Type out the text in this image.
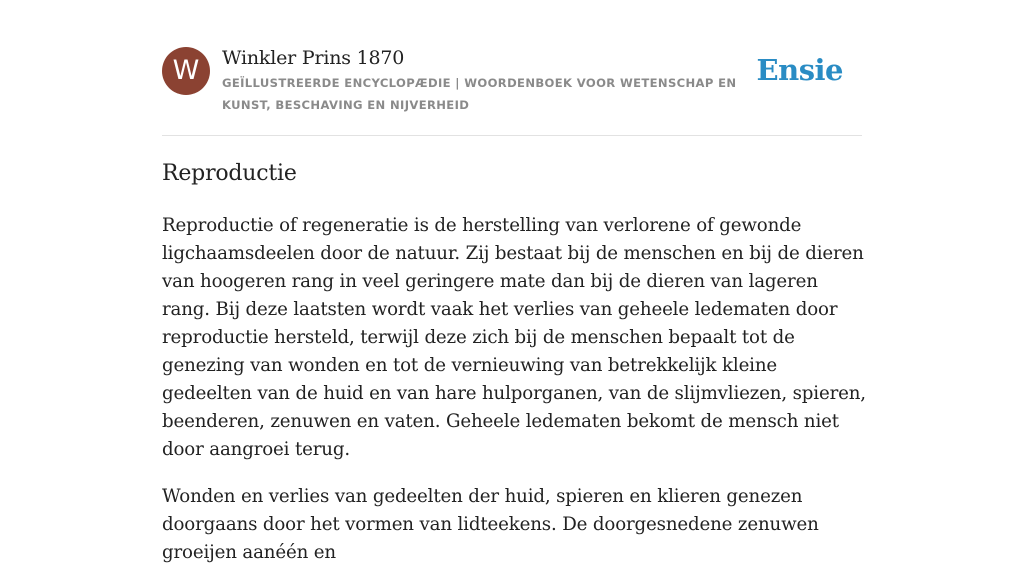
W	Winkler Prins 1870
GEÏLLUSTREERDE ENCYCLOPÆDIE | WOORDENBOEK VOOR WETENSCHAP EN KUNST, BESCHAVING EN NIJVERHEID
Ensie
Reproductie

Reproductie of regeneratie is de herstelling van verlorene of gewonde ligchaamsdeelen door de natuur. Zij bestaat bij de menschen en bij de dieren van hoogeren rang in veel geringere mate dan bij de dieren van lageren rang. Bij deze laatsten wordt vaak het verlies van geheele ledematen door reproductie hersteld, terwijl deze zich bij de menschen bepaalt tot de genezing van wonden en tot de vernieuwing van betrekkelijk kleine gedeelten van de huid en van hare hulporganen, van de slijmvliezen, spieren, beenderen, zenuwen en vaten. Geheele ledematen bekomt de mensch niet door aangroei terug.

Wonden en verlies van gedeelten der huid, spieren en klieren genezen doorgaans door het vormen van lidteekens. De doorgesnedene zenuwen groeijen aanéén en
